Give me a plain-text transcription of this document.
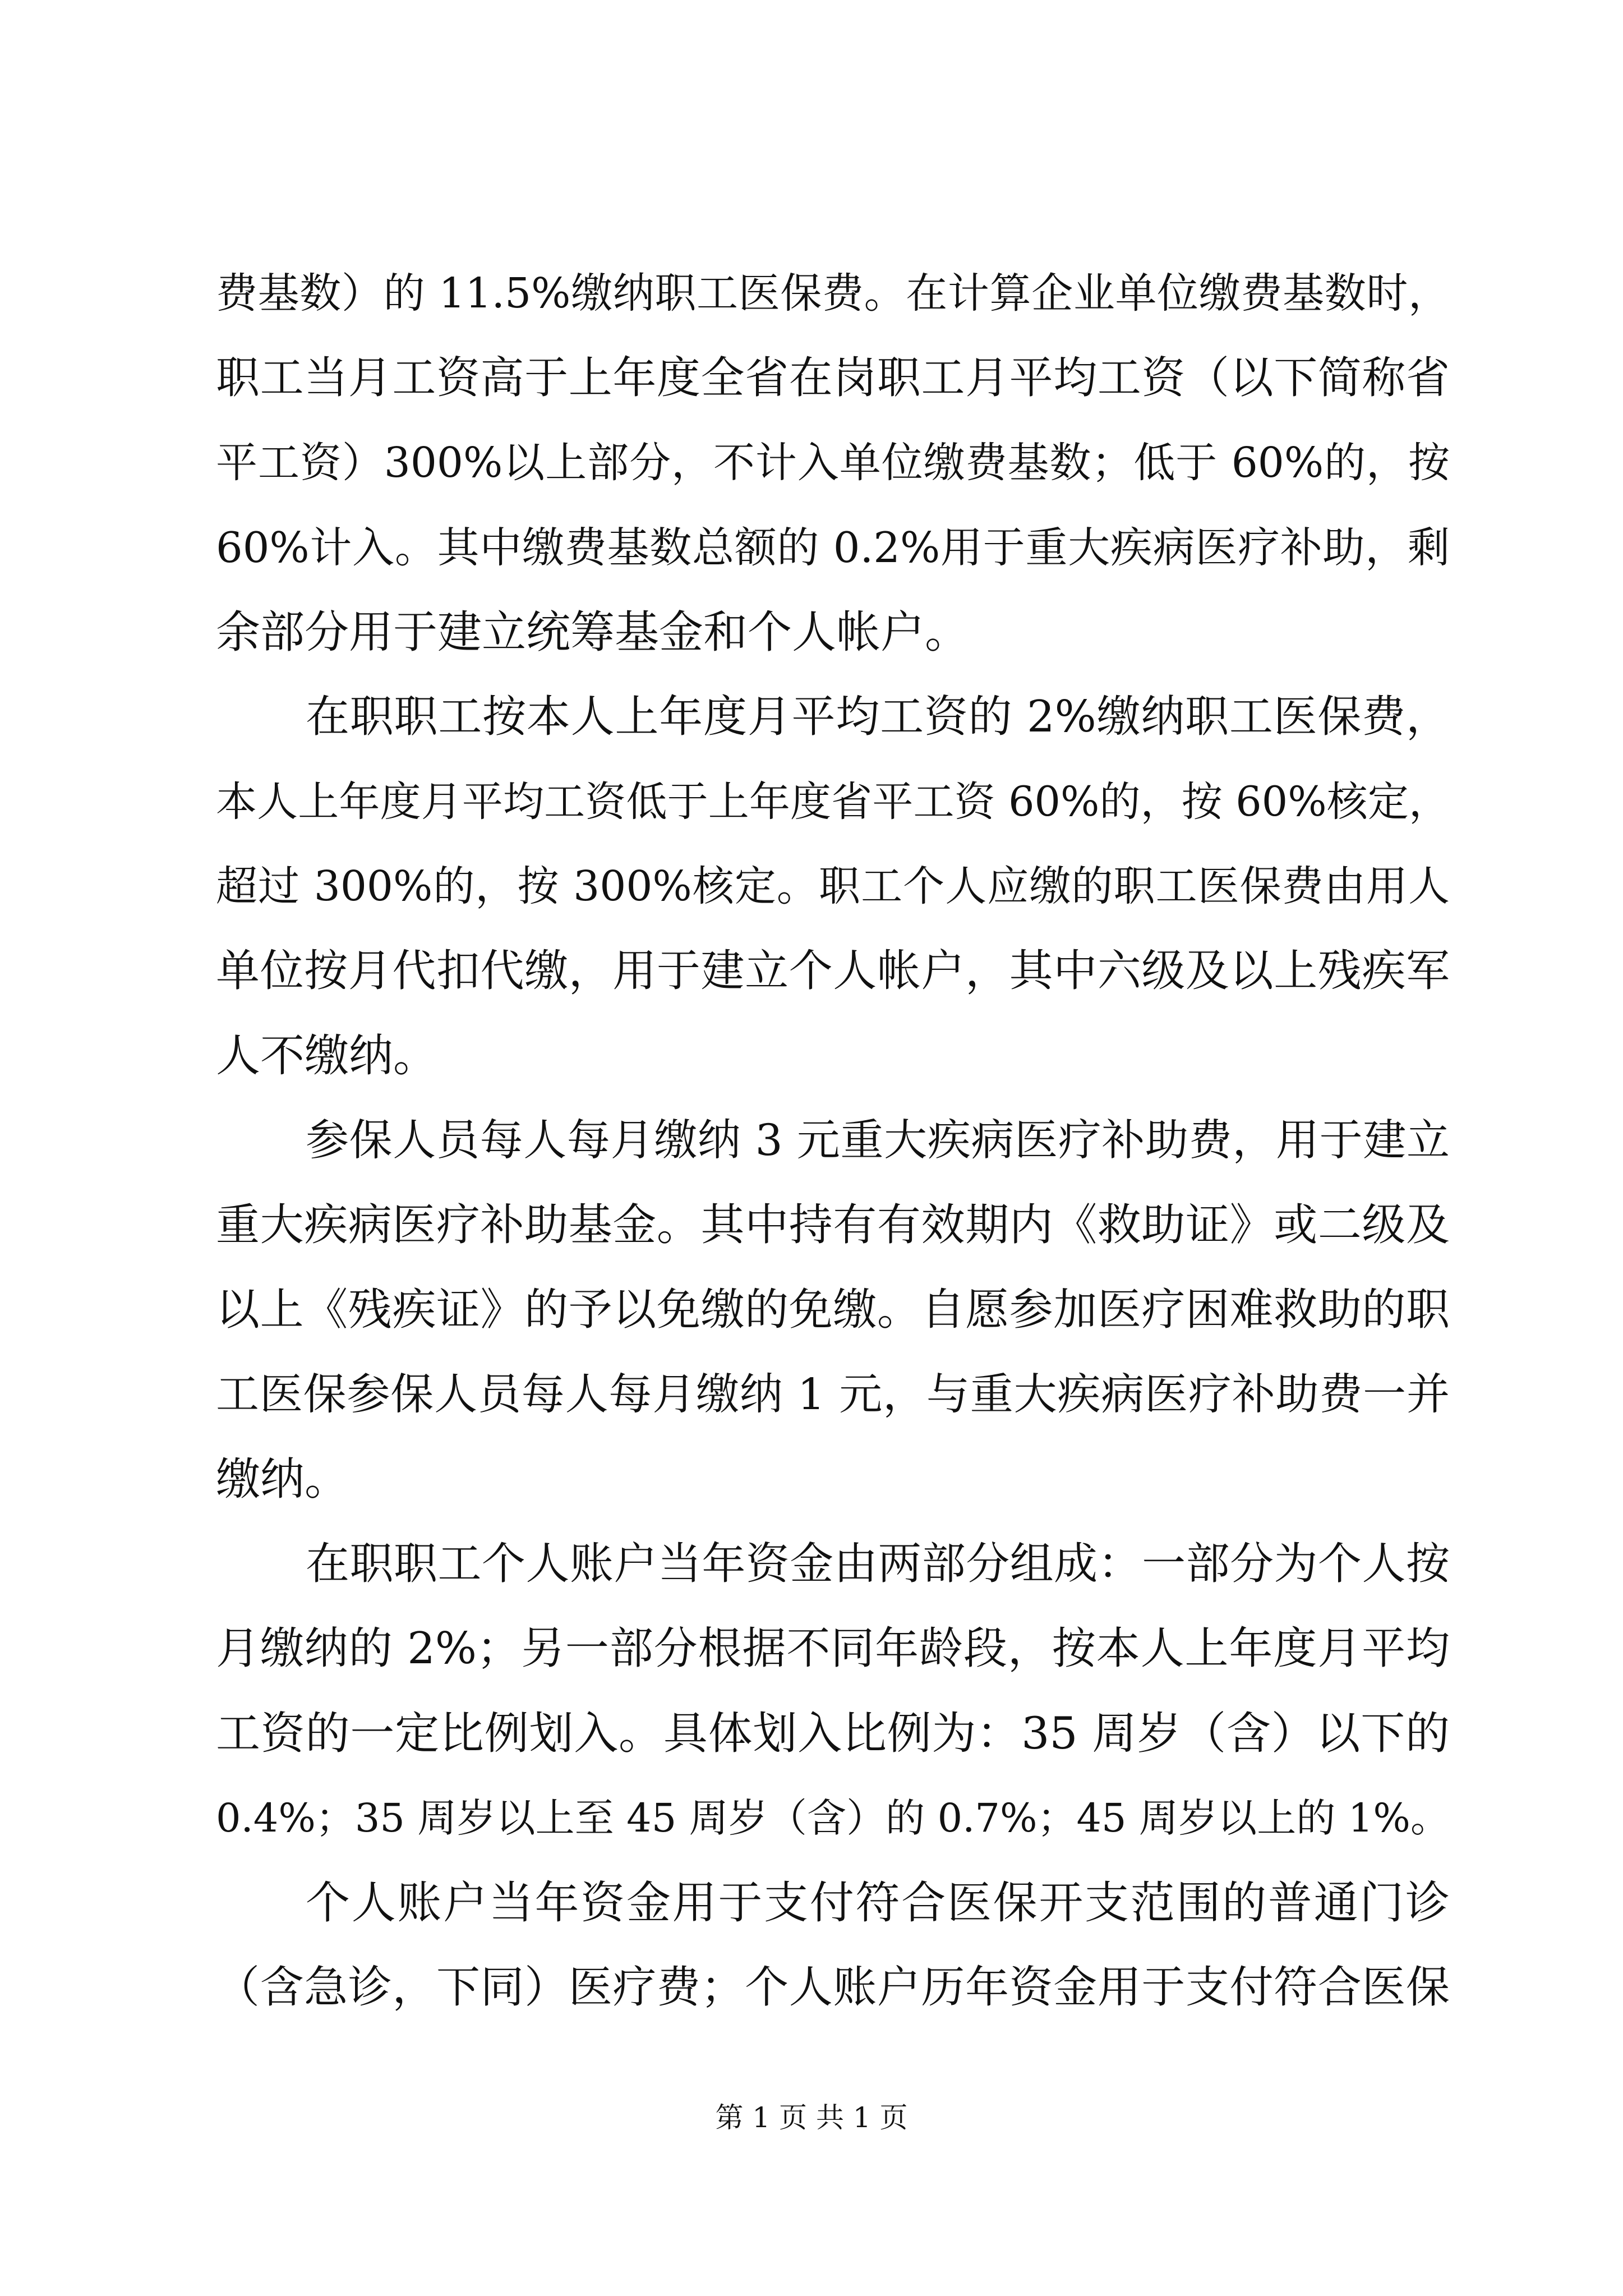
费基数）的 11.5%缴纳职工医保费。在计算企业单位缴费基数时，
职工当月工资高于上年度全省在岗职工月平均工资（以下简称省
平工资）300%以上部分，不计入单位缴费基数；低于 60%的，按
60%计入。其中缴费基数总额的 0.2%用于重大疾病医疗补助，剩
余部分用于建立统筹基金和个人帐户。
在职职工按本人上年度月平均工资的 2%缴纳职工医保费，
本人上年度月平均工资低于上年度省平工资 60%的，按 60%核定，
超过 300%的，按 300%核定。职工个人应缴的职工医保费由用人
单位按月代扣代缴，用于建立个人帐户，其中六级及以上残疾军
人不缴纳。
参保人员每人每月缴纳 3 元重大疾病医疗补助费，用于建立
重大疾病医疗补助基金。其中持有有效期内《救助证》或二级及
以上《残疾证》的予以免缴的免缴。自愿参加医疗困难救助的职
工医保参保人员每人每月缴纳 1 元，与重大疾病医疗补助费一并
缴纳。
在职职工个人账户当年资金由两部分组成：一部分为个人按
月缴纳的 2%；另一部分根据不同年龄段，按本人上年度月平均
工资的一定比例划入。具体划入比例为：35 周岁（含）以下的
0.4%；35 周岁以上至 45 周岁（含）的 0.7%；45 周岁以上的 1%。
个人账户当年资金用于支付符合医保开支范围的普通门诊
（含急诊，下同）医疗费；个人账户历年资金用于支付符合医保
第 1 页 共 1 页
